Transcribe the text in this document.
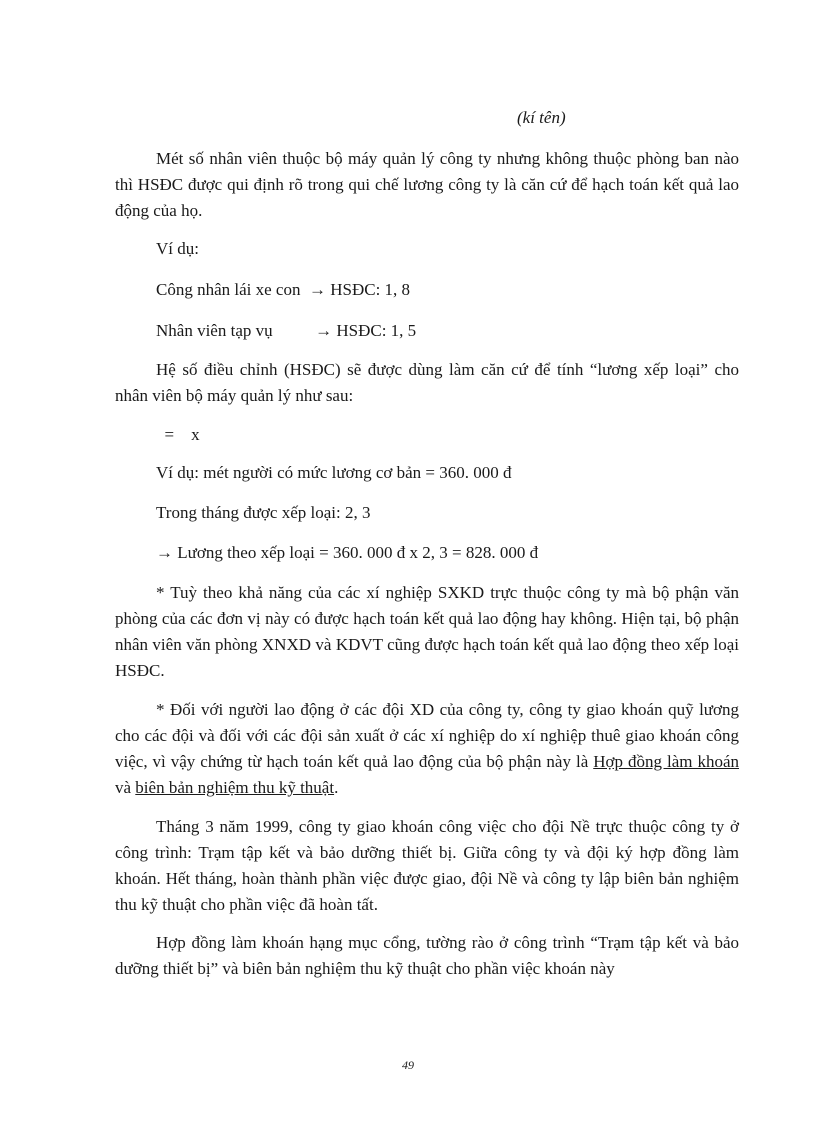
(kí tên)

Mét số nhân viên thuộc bộ máy quản lý công ty nhưng không thuộc phòng ban nào thì HSĐC được qui định rõ trong qui chế lương công ty là căn cứ để hạch toán kết quả lao động của họ.

Ví dụ:

Công nhân lái xe con  → HSĐC: 1, 8

Nhân viên tạp vụ          → HSĐC: 1, 5

Hệ số điều chỉnh (HSĐC) sẽ được dùng làm căn cứ để tính “lương xếp loại” cho nhân viên bộ máy quản lý như sau:

=    x

Ví dụ: mét người có mức lương cơ bản = 360. 000 đ

Trong tháng được xếp loại: 2, 3

→ Lương theo xếp loại = 360. 000 đ x 2, 3 = 828. 000 đ

* Tuỳ theo khả năng của các xí nghiệp SXKD trực thuộc công ty mà bộ phận văn phòng của các đơn vị này có được hạch toán kết quả lao động hay không. Hiện tại, bộ phận nhân viên văn phòng XNXD và KDVT cũng được hạch toán kết quả lao động theo xếp loại HSĐC.

* Đối với người lao động ở các đội XD của công ty, công ty giao khoán quỹ lương cho các đội và đối với các đội sản xuất ở các xí nghiệp do xí nghiệp thuê giao khoán công việc, vì vậy chứng từ hạch toán kết quả lao động của bộ phận này là Hợp đồng làm khoán và biên bản nghiệm thu kỹ thuật.

Tháng 3 năm 1999, công ty giao khoán công việc cho đội Nề trực thuộc công ty ở công trình: Trạm tập kết và bảo dưỡng thiết bị. Giữa công ty và đội ký hợp đồng làm khoán. Hết tháng, hoàn thành phần việc được giao, đội Nề và công ty lập biên bản nghiệm thu kỹ thuật cho phần việc đã hoàn tất.

Hợp đồng làm khoán hạng mục cổng, tường rào ở công trình “Trạm tập kết và bảo dưỡng thiết bị” và biên bản nghiệm thu kỹ thuật cho phần việc khoán này

49
